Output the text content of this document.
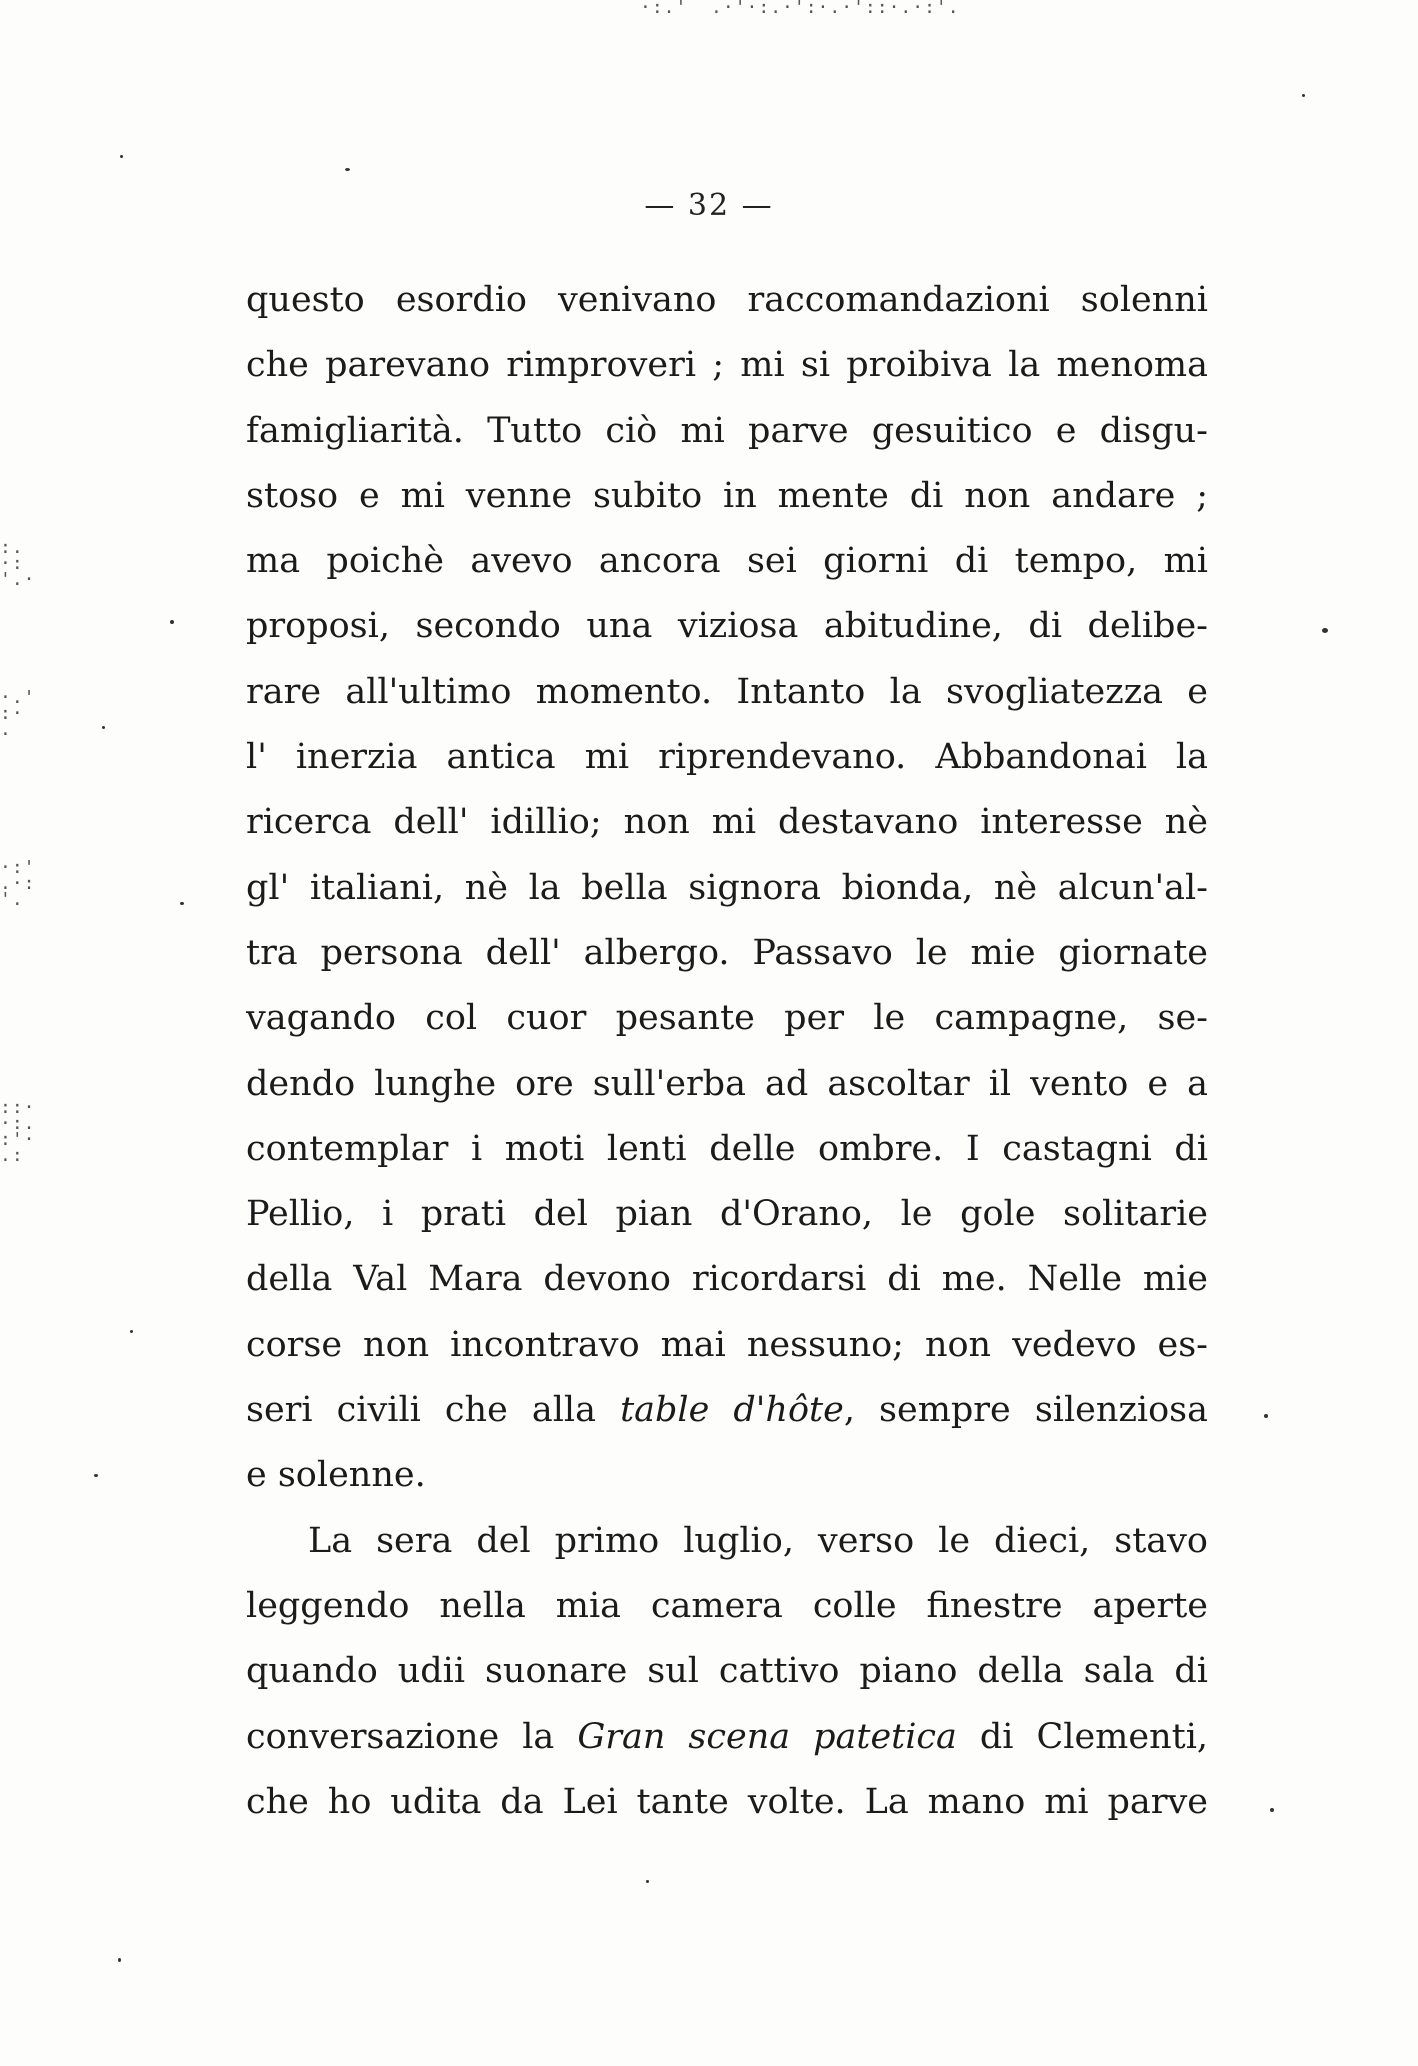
·:.'  .·'·:.·':·.·'::·.·:'.
:.
·:
'.·
·.'
:·
.
·:'
.·:
'.
::·
·:.
:'·
.:
— 32 —
questo esordio venivano raccomandazioni solenni
che parevano rimproveri ; mi si proibiva la menoma
famigliarità. Tutto ciò mi parve gesuitico e disgu-
stoso e mi venne subito in mente di non andare ;
ma poichè avevo ancora sei giorni di tempo, mi
proposi, secondo una viziosa abitudine, di delibe-
rare all'ultimo momento. Intanto la svogliatezza e
l' inerzia antica mi riprendevano. Abbandonai la
ricerca dell' idillio; non mi destavano interesse nè
gl' italiani, nè la bella signora bionda, nè alcun'al-
tra persona dell' albergo. Passavo le mie giornate
vagando col cuor pesante per le campagne, se-
dendo lunghe ore sull'erba ad ascoltar il vento e a
contemplar i moti lenti delle ombre. I castagni di
Pellio, i prati del pian d'Orano, le gole solitarie
della Val Mara devono ricordarsi di me. Nelle mie
corse non incontravo mai nessuno; non vedevo es-
seri civili che alla table d'hôte, sempre silenziosa
e solenne.
La sera del primo luglio, verso le dieci, stavo
leggendo nella mia camera colle finestre aperte
quando udii suonare sul cattivo piano della sala di
conversazione la Gran scena patetica di Clementi,
che ho udita da Lei tante volte. La mano mi parve
